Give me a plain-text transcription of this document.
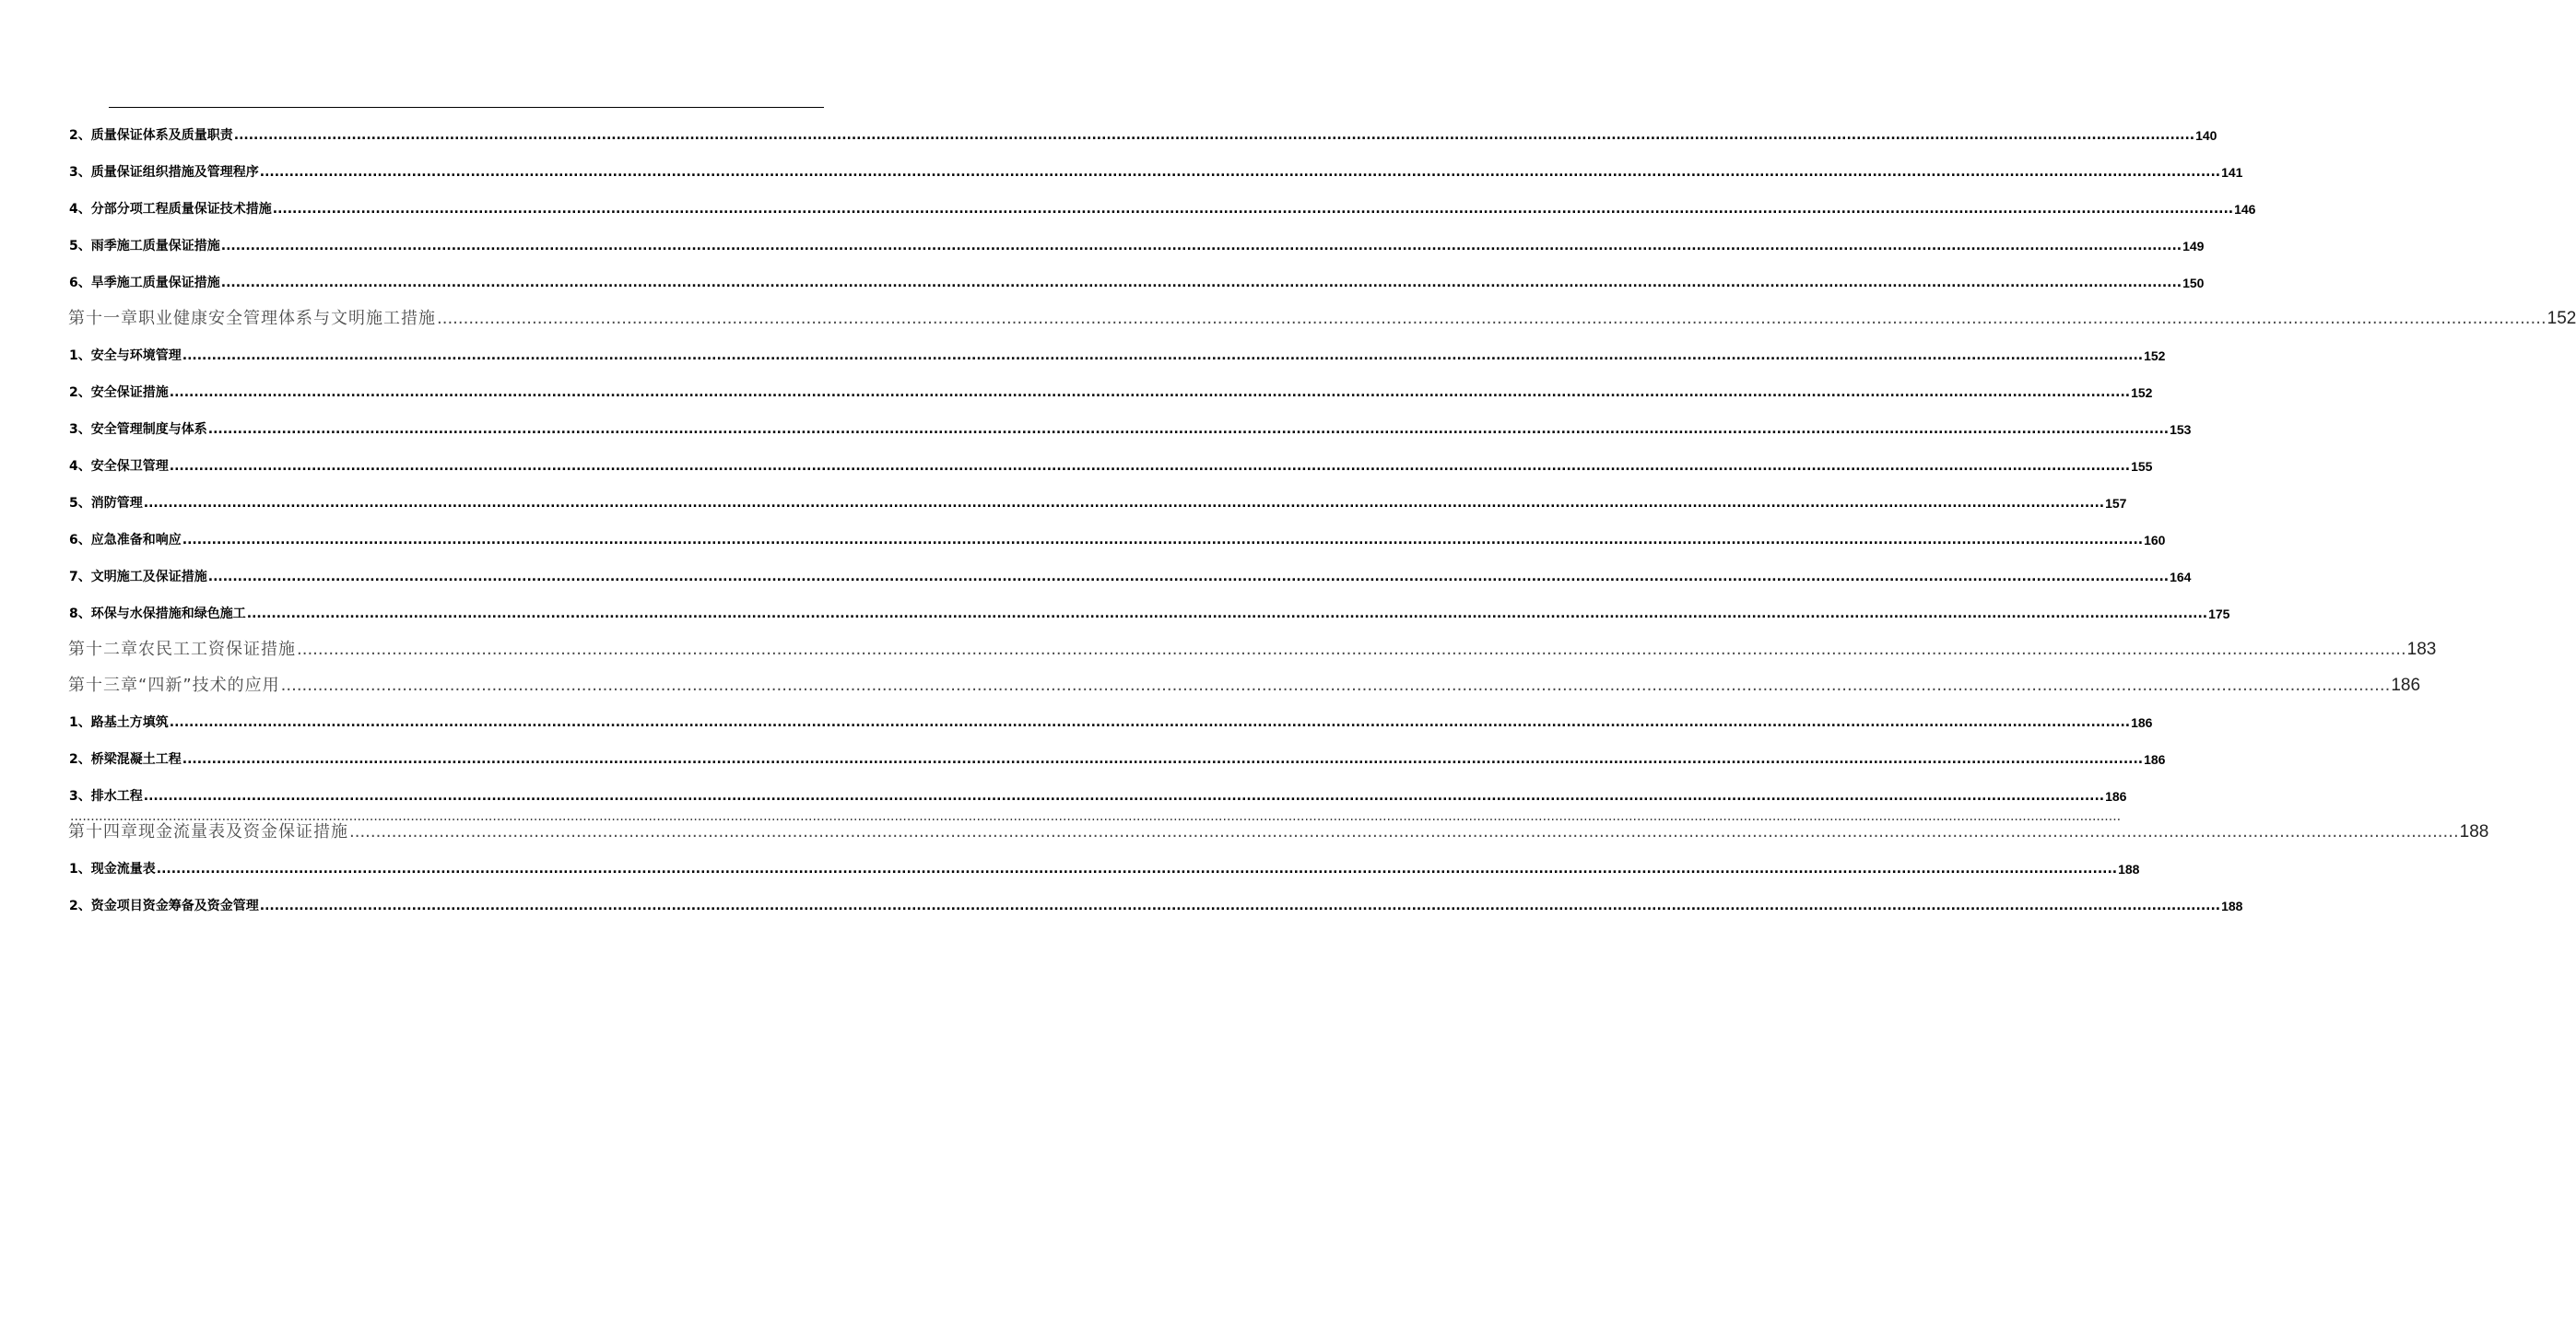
2、质量保证体系及质量职责 ................................................................................................................................................................................................................................................................................................................................................................................................................ 140
3、质量保证组织措施及管理程序 ................................................................................................................................................................................................................................................................................................................................................................................................................ 141
4、分部分项工程质量保证技术措施 ................................................................................................................................................................................................................................................................................................................................................................................................................ 146
5、雨季施工质量保证措施 ................................................................................................................................................................................................................................................................................................................................................................................................................ 149
6、旱季施工质量保证措施 ................................................................................................................................................................................................................................................................................................................................................................................................................ 150
第十一章 职业健康安全管理体系与文明施工措施 ................................................................................................................................................................................................................................................................................................................................................................................................................ 152
1、安全与环境管理 ................................................................................................................................................................................................................................................................................................................................................................................................................ 152
2、安全保证措施 ................................................................................................................................................................................................................................................................................................................................................................................................................ 152
3、安全管理制度与体系 ................................................................................................................................................................................................................................................................................................................................................................................................................ 153
4、安全保卫管理 ................................................................................................................................................................................................................................................................................................................................................................................................................ 155
5、消防管理 ................................................................................................................................................................................................................................................................................................................................................................................................................ 157
6、应急准备和响应 ................................................................................................................................................................................................................................................................................................................................................................................................................ 160
7、文明施工及保证措施 ................................................................................................................................................................................................................................................................................................................................................................................................................ 164
8、环保与水保措施和绿色施工 ................................................................................................................................................................................................................................................................................................................................................................................................................ 175
第十二章 农民工工资保证措施 ................................................................................................................................................................................................................................................................................................................................................................................................................ 183
第十三章 “四新”技术的应用 ................................................................................................................................................................................................................................................................................................................................................................................................................ 186
1、路基土方填筑 ................................................................................................................................................................................................................................................................................................................................................................................................................ 186
2、桥梁混凝土工程 ................................................................................................................................................................................................................................................................................................................................................................................................................ 186
3、排水工程 ................................................................................................................................................................................................................................................................................................................................................................................................................ 186
第十四章 现金流量表及资金保证措施 ................................................................................................................................................................................................................................................................................................................................................................................................................ 188
1、现金流量表 ................................................................................................................................................................................................................................................................................................................................................................................................................ 188
2、资金项目资金筹备及资金管理 ................................................................................................................................................................................................................................................................................................................................................................................................................ 188
....................................................................................................................................................................................................................................................................................................................................................................................................................................................................................................................
